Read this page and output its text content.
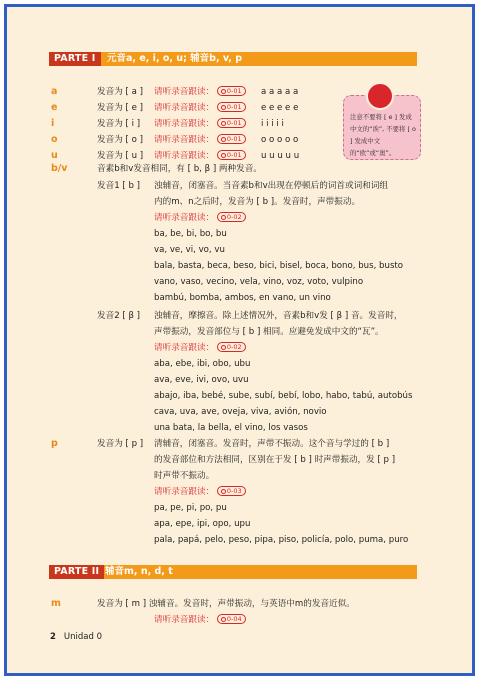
PARTE I	元音a, e, i, o, u; 辅音b, v, p
a	发音为 [ a ] 请听录音跟读： 0-01	a a a a a
e	发音为 [ e ] 请听录音跟读： 0-01	e e e e e
i	发音为 [ i ] 请听录音跟读： 0-01	i i i i i
o	发音为 [ o ] 请听录音跟读： 0-01	o o o o o
u	发音为 [ u ] 请听录音跟读： 0-01	u u u u u
注意不要将 [ e ] 发成中文的“诶”, 不要将 [ o ] 发成中文的“欧”或“奥”。
b/v	音素b和v发音相同，有 [ b, β ] 两种发音。
发音1 [ b ] 浊辅音，闭塞音。当音素b和v出现在停顿后的词首或词和词组
内的m、n之后时，发音为 [ b ]。发音时，声带振动。
请听录音跟读： 0-02
ba, be, bi, bo, bu
va, ve, vi, vo, vu
bala, basta, beca, beso, bici, bisel, boca, bono, bus, busto
vano, vaso, vecino, vela, vino, voz, voto, vulpino
bambú, bomba, ambos, en vano, un vino
发音2 [ β ] 浊辅音，摩擦音。除上述情况外，音素b和v发 [ β ] 音。发音时，
声带振动，发音部位与 [ b ] 相同。应避免发成中文的“瓦”。
请听录音跟读： 0-02
aba, ebe, ibi, obo, ubu
ava, eve, ivi, ovo, uvu
abajo, iba, bebé, sube, subí, bebí, lobo, habo, tabú, autobús
cava, uva, ave, oveja, viva, avión, novio
una bata, la bella, el vino, los vasos
p	发音为 [ p ] 清辅音，闭塞音。发音时，声带不振动。这个音与学过的 [ b ]
的发音部位和方法相同，区别在于发 [ b ] 时声带振动，发 [ p ]
时声带不振动。
请听录音跟读： 0-03
pa, pe, pi, po, pu
apa, epe, ipi, opo, upu
pala, papá, pelo, peso, pipa, piso, policía, polo, puma, puro
PARTE II 辅音m, n, d, t
m	发音为 [ m ] 浊辅音。发音时，声带振动，与英语中m的发音近似。
请听录音跟读： 0-04
2 Unidad 0
